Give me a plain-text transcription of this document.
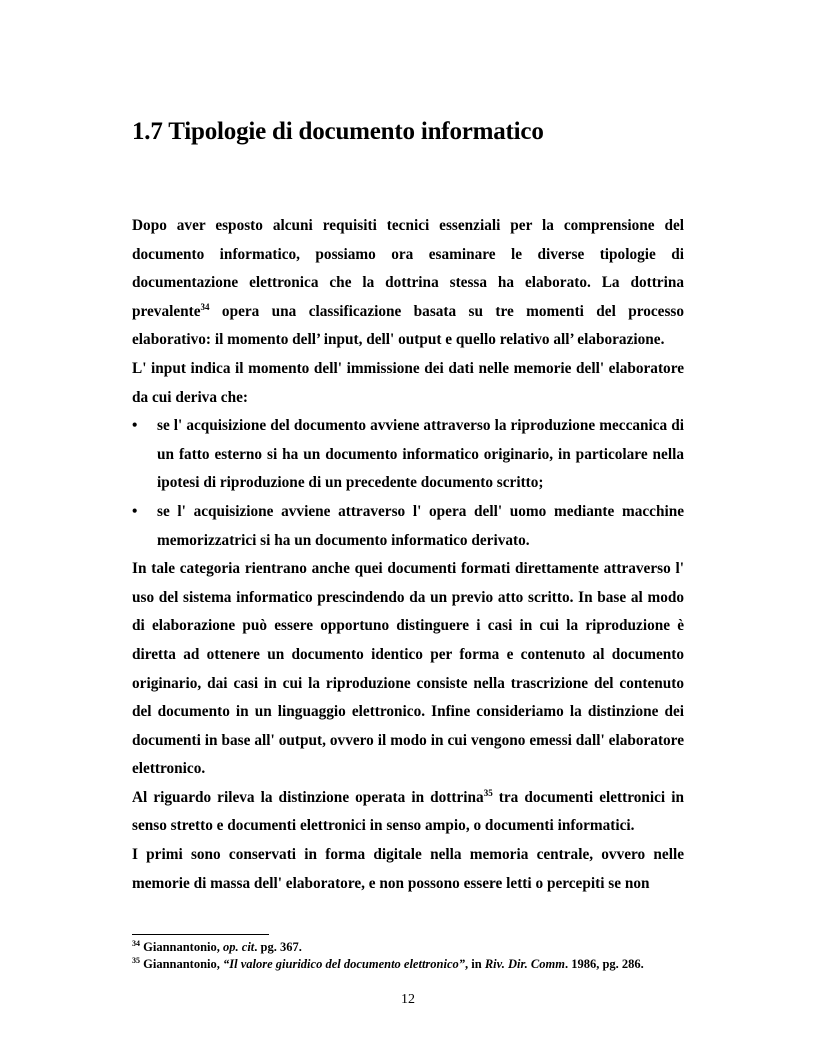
1.7 Tipologie di documento informatico

Dopo aver esposto alcuni requisiti tecnici essenziali per la comprensione del documento informatico, possiamo ora esaminare le diverse tipologie di documentazione elettronica che la dottrina stessa ha elaborato. La dottrina prevalente$^{34}$ opera una classificazione basata su tre momenti del processo elaborativo: il momento dell’ input, dell' output e quello relativo all’ elaborazione.

L' input indica il momento dell' immissione dei dati nelle memorie dell' elaboratore da cui deriva che:

• se l' acquisizione del documento avviene attraverso la riproduzione meccanica di un fatto esterno si ha un documento informatico originario, in particolare nella ipotesi di riproduzione di un precedente documento scritto;
• se l' acquisizione avviene attraverso l' opera dell' uomo mediante macchine memorizzatrici si ha un documento informatico derivato.

In tale categoria rientrano anche quei documenti formati direttamente attraverso l' uso del sistema informatico prescindendo da un previo atto scritto. In base al modo di elaborazione può essere opportuno distinguere i casi in cui la riproduzione è diretta ad ottenere un documento identico per forma e contenuto al documento originario, dai casi in cui la riproduzione consiste nella trascrizione del contenuto del documento in un linguaggio elettronico. Infine consideriamo la distinzione dei documenti in base all' output, ovvero il modo in cui vengono emessi dall' elaboratore elettronico.

Al riguardo rileva la distinzione operata in dottrina$^{35}$ tra documenti elettronici in senso stretto e documenti elettronici in senso ampio, o documenti informatici.

I primi sono conservati in forma digitale nella memoria centrale, ovvero nelle memorie di massa dell' elaboratore, e non possono essere letti o percepiti se non

$^{34}$ Giannantonio, op. cit. pg. 367.
$^{35}$ Giannantonio, “Il valore giuridico del documento elettronico”, in Riv. Dir. Comm. 1986, pg. 286.
12
